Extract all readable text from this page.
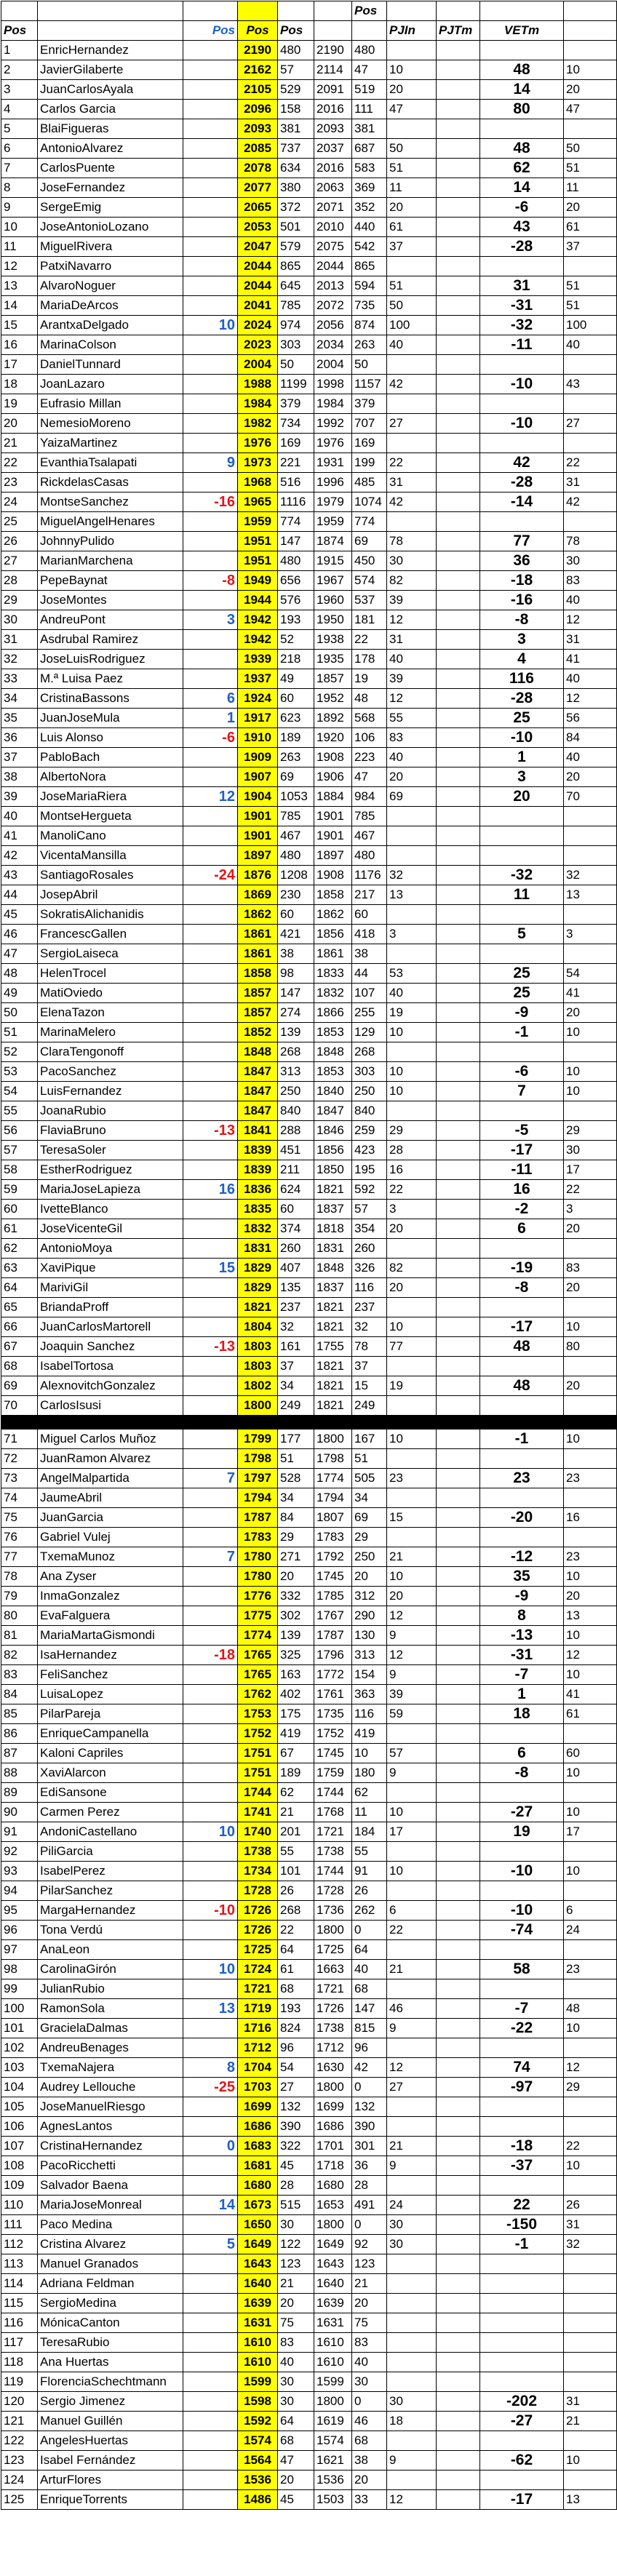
						Pos				
Pos		Pos	Pos	Pos			PJIn	PJTm	VETm	
1	EnricHernandez		2190	480	2190	480				
2	JavierGilaberte		2162	57	2114	47	10		48	10
3	JuanCarlosAyala		2105	529	2091	519	20		14	20
4	Carlos Garcia		2096	158	2016	111	47		80	47
5	BlaiFigueras		2093	381	2093	381				
6	AntonioAlvarez		2085	737	2037	687	50		48	50
7	CarlosPuente		2078	634	2016	583	51		62	51
8	JoseFernandez		2077	380	2063	369	11		14	11
9	SergeEmig		2065	372	2071	352	20		-6	20
10	JoseAntonioLozano		2053	501	2010	440	61		43	61
11	MiguelRivera		2047	579	2075	542	37		-28	37
12	PatxiNavarro		2044	865	2044	865				
13	AlvaroNoguer		2044	645	2013	594	51		31	51
14	MariaDeArcos		2041	785	2072	735	50		-31	51
15	ArantxaDelgado	10	2024	974	2056	874	100		-32	100
16	MarinaColson		2023	303	2034	263	40		-11	40
17	DanielTunnard		2004	50	2004	50				
18	JoanLazaro		1988	1199	1998	1157	42		-10	43
19	Eufrasio Millan		1984	379	1984	379				
20	NemesioMoreno		1982	734	1992	707	27		-10	27
21	YaizaMartinez		1976	169	1976	169				
22	EvanthiaTsalapati	9	1973	221	1931	199	22		42	22
23	RickdelasCasas		1968	516	1996	485	31		-28	31
24	MontseSanchez	-16	1965	1116	1979	1074	42		-14	42
25	MiguelAngelHenares		1959	774	1959	774				
26	JohnnyPulido		1951	147	1874	69	78		77	78
27	MarianMarchena		1951	480	1915	450	30		36	30
28	PepeBaynat	-8	1949	656	1967	574	82		-18	83
29	JoseMontes		1944	576	1960	537	39		-16	40
30	AndreuPont	3	1942	193	1950	181	12		-8	12
31	Asdrubal Ramirez		1942	52	1938	22	31		3	31
32	JoseLuisRodriguez		1939	218	1935	178	40		4	41
33	M.ª Luisa Paez		1937	49	1857	19	39		116	40
34	CristinaBassons	6	1924	60	1952	48	12		-28	12
35	JuanJoseMula	1	1917	623	1892	568	55		25	56
36	Luis Alonso	-6	1910	189	1920	106	83		-10	84
37	PabloBach		1909	263	1908	223	40		1	40
38	AlbertoNora		1907	69	1906	47	20		3	20
39	JoseMariaRiera	12	1904	1053	1884	984	69		20	70
40	MontseHergueta		1901	785	1901	785				
41	ManoliCano		1901	467	1901	467				
42	VicentaMansilla		1897	480	1897	480				
43	SantiagoRosales	-24	1876	1208	1908	1176	32		-32	32
44	JosepAbril		1869	230	1858	217	13		11	13
45	SokratisAlichanidis		1862	60	1862	60				
46	FrancescGallen		1861	421	1856	418	3		5	3
47	SergioLaiseca		1861	38	1861	38				
48	HelenTrocel		1858	98	1833	44	53		25	54
49	MatiOviedo		1857	147	1832	107	40		25	41
50	ElenaTazon		1857	274	1866	255	19		-9	20
51	MarinaMelero		1852	139	1853	129	10		-1	10
52	ClaraTengonoff		1848	268	1848	268				
53	PacoSanchez		1847	313	1853	303	10		-6	10
54	LuisFernandez		1847	250	1840	250	10		7	10
55	JoanaRubio		1847	840	1847	840				
56	FlaviaBruno	-13	1841	288	1846	259	29		-5	29
57	TeresaSoler		1839	451	1856	423	28		-17	30
58	EstherRodriguez		1839	211	1850	195	16		-11	17
59	MariaJoseLapieza	16	1836	624	1821	592	22		16	22
60	IvetteBlanco		1835	60	1837	57	3		-2	3
61	JoseVicenteGil		1832	374	1818	354	20		6	20
62	AntonioMoya		1831	260	1831	260				
63	XaviPique	15	1829	407	1848	326	82		-19	83
64	MariviGil		1829	135	1837	116	20		-8	20
65	BriandaProff		1821	237	1821	237				
66	JuanCarlosMartorell		1804	32	1821	32	10		-17	10
67	Joaquin Sanchez	-13	1803	161	1755	78	77		48	80
68	IsabelTortosa		1803	37	1821	37				
69	AlexnovitchGonzalez		1802	34	1821	15	19		48	20
70	CarlosIsusi		1800	249	1821	249				

71	Miguel Carlos Muñoz		1799	177	1800	167	10		-1	10
72	JuanRamon Alvarez		1798	51	1798	51				
73	AngelMalpartida	7	1797	528	1774	505	23		23	23
74	JaumeAbril		1794	34	1794	34				
75	JuanGarcia		1787	84	1807	69	15		-20	16
76	Gabriel Vulej		1783	29	1783	29				
77	TxemaMunoz	7	1780	271	1792	250	21		-12	23
78	Ana Zyser		1780	20	1745	20	10		35	10
79	InmaGonzalez		1776	332	1785	312	20		-9	20
80	EvaFalguera		1775	302	1767	290	12		8	13
81	MariaMartaGismondi		1774	139	1787	130	9		-13	10
82	IsaHernandez	-18	1765	325	1796	313	12		-31	12
83	FeliSanchez		1765	163	1772	154	9		-7	10
84	LuisaLopez		1762	402	1761	363	39		1	41
85	PilarPareja		1753	175	1735	116	59		18	61
86	EnriqueCampanella		1752	419	1752	419				
87	Kaloni Capriles		1751	67	1745	10	57		6	60
88	XaviAlarcon		1751	189	1759	180	9		-8	10
89	EdiSansone		1744	62	1744	62				
90	Carmen Perez		1741	21	1768	11	10		-27	10
91	AndoniCastellano	10	1740	201	1721	184	17		19	17
92	PiliGarcia		1738	55	1738	55				
93	IsabelPerez		1734	101	1744	91	10		-10	10
94	PilarSanchez		1728	26	1728	26				
95	MargaHernandez	-10	1726	268	1736	262	6		-10	6
96	Tona Verdú		1726	22	1800	0	22		-74	24
97	AnaLeon		1725	64	1725	64				
98	CarolinaGirón	10	1724	61	1663	40	21		58	23
99	JulianRubio		1721	68	1721	68				
100	RamonSola	13	1719	193	1726	147	46		-7	48
101	GracielaDalmas		1716	824	1738	815	9		-22	10
102	AndreuBenages		1712	96	1712	96				
103	TxemaNajera	8	1704	54	1630	42	12		74	12
104	Audrey Lellouche	-25	1703	27	1800	0	27		-97	29
105	JoseManuelRiesgo		1699	132	1699	132				
106	AgnesLantos		1686	390	1686	390				
107	CristinaHernandez	0	1683	322	1701	301	21		-18	22
108	PacoRicchetti		1681	45	1718	36	9		-37	10
109	Salvador Baena		1680	28	1680	28				
110	MariaJoseMonreal	14	1673	515	1653	491	24		22	26
111	Paco Medina		1650	30	1800	0	30		-150	31
112	Cristina Alvarez	5	1649	122	1649	92	30		-1	32
113	Manuel Granados		1643	123	1643	123				
114	Adriana Feldman		1640	21	1640	21				
115	SergioMedina		1639	20	1639	20				
116	MónicaCanton		1631	75	1631	75				
117	TeresaRubio		1610	83	1610	83				
118	Ana Huertas		1610	40	1610	40				
119	FlorenciaSchechtmann		1599	30	1599	30				
120	Sergio Jimenez		1598	30	1800	0	30		-202	31
121	Manuel Guillén		1592	64	1619	46	18		-27	21
122	AngelesHuertas		1574	68	1574	68				
123	Isabel Fernández		1564	47	1621	38	9		-62	10
124	ArturFlores		1536	20	1536	20				
125	EnriqueTorrents		1486	45	1503	33	12		-17	13
